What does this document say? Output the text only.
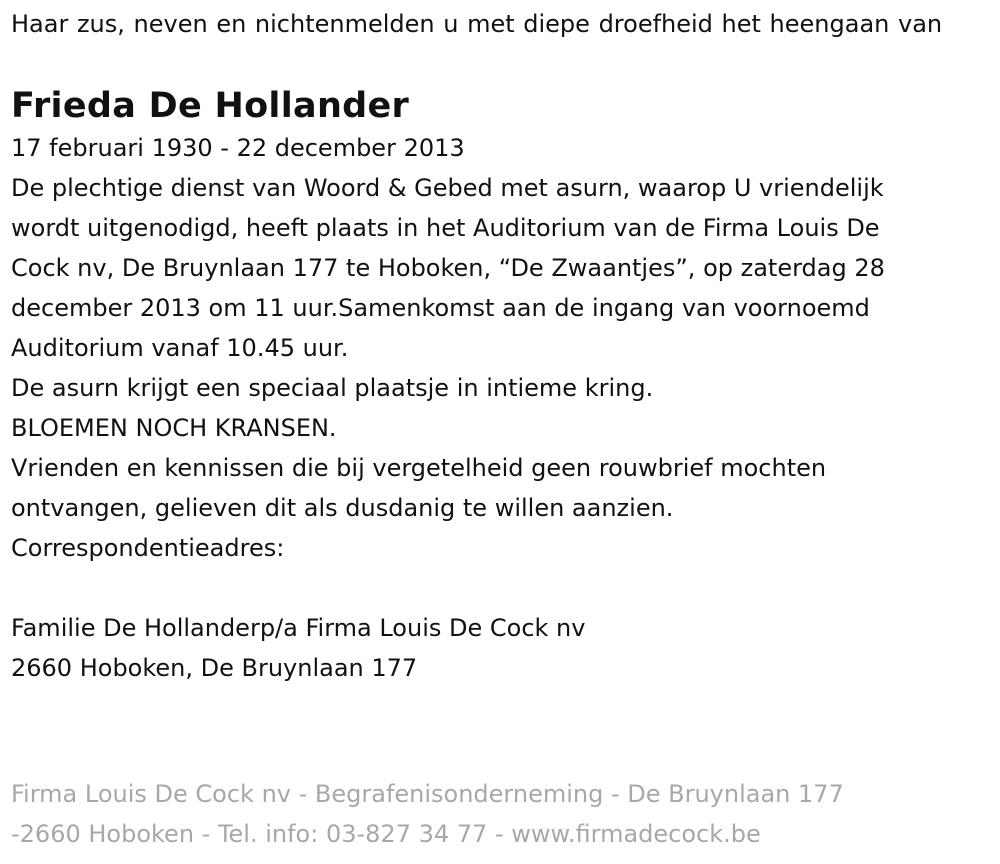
Haar zus, neven en nichtenmelden u met diepe droefheid het heengaan van

Frieda De Hollander
17 februari 1930 - 22 december 2013
De plechtige dienst van Woord & Gebed met asurn, waarop U vriendelijk
wordt uitgenodigd, heeft plaats in het Auditorium van de Firma Louis De
Cock nv, De Bruynlaan 177 te Hoboken, “De Zwaantjes”, op zaterdag 28
december 2013 om 11 uur.Samenkomst aan de ingang van voornoemd
Auditorium vanaf 10.45 uur.
De asurn krijgt een speciaal plaatsje in intieme kring.
BLOEMEN NOCH KRANSEN.
Vrienden en kennissen die bij vergetelheid geen rouwbrief mochten
ontvangen, gelieven dit als dusdanig te willen aanzien.
Correspondentieadres:
Familie De Hollanderp/a Firma Louis De Cock nv
2660 Hoboken, De Bruynlaan 177
Firma Louis De Cock nv - Begrafenisonderneming - De Bruynlaan 177
-2660 Hoboken - Tel. info: 03-827 34 77 - www.firmadecock.be
